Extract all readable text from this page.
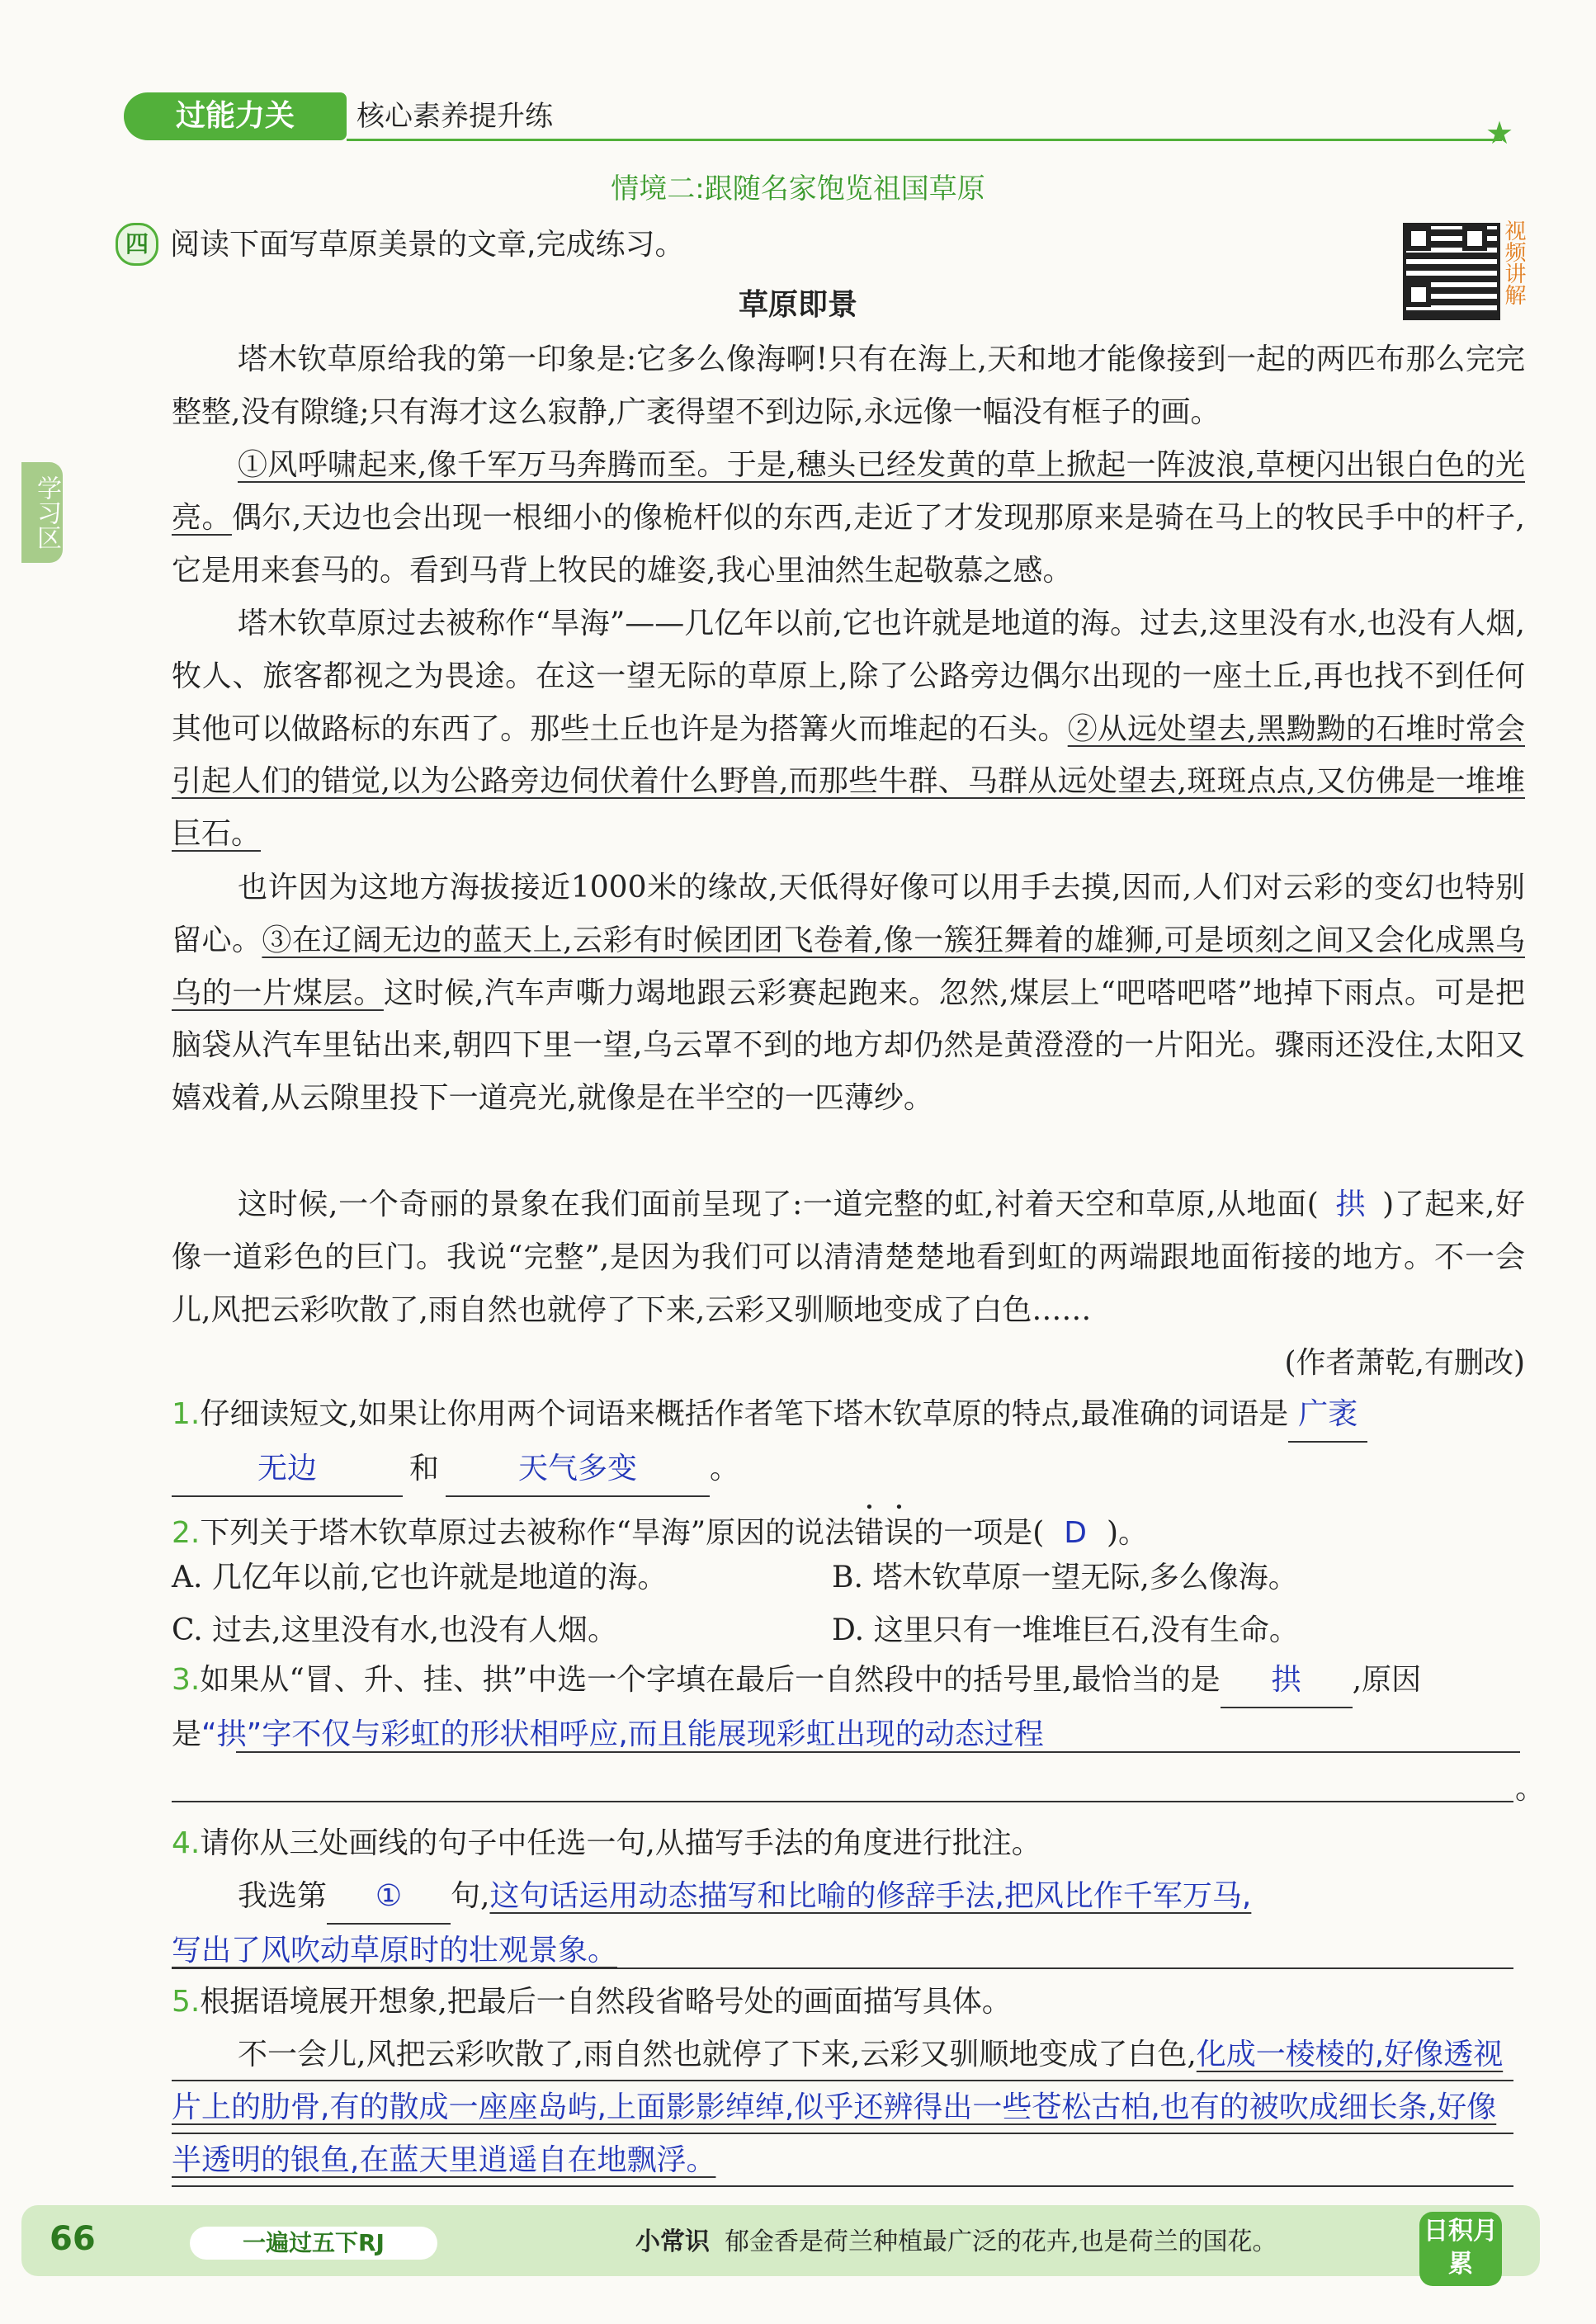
过能力关	核心素养提升练	★
学习区
情境二:跟随名家饱览祖国草原
四 阅读下面写草原美景的文章,完成练习。	视频讲解
草原即景
塔木钦草原给我的第一印象是:它多么像海啊!只有在海上,天和地才能像接到一起的两匹布那么完完整整,没有隙缝;只有海才这么寂静,广袤得望不到边际,永远像一幅没有框子的画。
①风呼啸起来,像千军万马奔腾而至。于是,穗头已经发黄的草上掀起一阵波浪,草梗闪出银白色的光亮。偶尔,天边也会出现一根细小的像桅杆似的东西,走近了才发现那原来是骑在马上的牧民手中的杆子,它是用来套马的。看到马背上牧民的雄姿,我心里油然生起敬慕之感。
塔木钦草原过去被称作“旱海”——几亿年以前,它也许就是地道的海。过去,这里没有水,也没有人烟,牧人、旅客都视之为畏途。在这一望无际的草原上,除了公路旁边偶尔出现的一座土丘,再也找不到任何其他可以做路标的东西了。那些土丘也许是为搭篝火而堆起的石头。②从远处望去,黑黝黝的石堆时常会引起人们的错觉,以为公路旁边伺伏着什么野兽,而那些牛群、马群从远处望去,斑斑点点,又仿佛是一堆堆巨石。
也许因为这地方海拔接近1000米的缘故,天低得好像可以用手去摸,因而,人们对云彩的变幻也特别留心。③在辽阔无边的蓝天上,云彩有时候团团飞卷着,像一簇狂舞着的雄狮,可是顷刻之间又会化成黑乌乌的一片煤层。这时候,汽车声嘶力竭地跟云彩赛起跑来。忽然,煤层上“吧嗒吧嗒”地掉下雨点。可是把脑袋从汽车里钻出来,朝四下里一望,乌云罩不到的地方却仍然是黄澄澄的一片阳光。骤雨还没住,太阳又嬉戏着,从云隙里投下一道亮光,就像是在半空的一匹薄纱。
这时候,一个奇丽的景象在我们面前呈现了:一道完整的虹,衬着天空和草原,从地面( 拱 )了起来,好像一道彩色的巨门。我说“完整”,是因为我们可以清清楚楚地看到虹的两端跟地面衔接的地方。不一会儿,风把云彩吹散了,雨自然也就停了下来,云彩又驯顺地变成了白色……
(作者萧乾,有删改)
1.仔细读短文,如果让你用两个词语来概括作者笔下塔木钦草原的特点,最准确的词语是 广袤
无边	和	天气多变 。
2.下列关于塔木钦草原过去被称作“旱海”原因的说法错误的一项是( D )。
A. 几亿年以前,它也许就是地道的海。	B. 塔木钦草原一望无际,多么像海。
C. 过去,这里没有水,也没有人烟。	D. 这里只有一堆堆巨石,没有生命。
3.如果从“冒、升、挂、拱”中选一个字填在最后一自然段中的括号里,最恰当的是 拱 ,原因是“拱”字不仅与彩虹的形状相呼应,而且能展现彩虹出现的动态过程
。
4.请你从三处画线的句子中任选一句,从描写手法的角度进行批注。
我选第 ① 句,这句话运用动态描写和比喻的修辞手法,把风比作千军万马,
写出了风吹动草原时的壮观景象。
5.根据语境展开想象,把最后一自然段省略号处的画面描写具体。
不一会儿,风把云彩吹散了,雨自然也就停了下来,云彩又驯顺地变成了白色,化成一棱棱的,好像透视片上的肋骨,有的散成一座座岛屿,上面影影绰绰,似乎还辨得出一些苍松古柏,也有的被吹成细长条,好像半透明的银鱼,在蓝天里逍遥自在地飘浮。
66	一遍过五下RJ	小常识 郁金香是荷兰种植最广泛的花卉,也是荷兰的国花。	日积月累
